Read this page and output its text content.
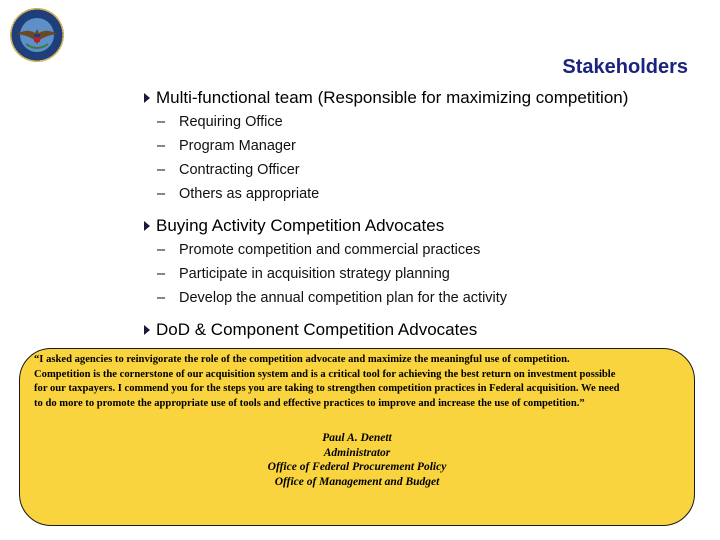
Stakeholders
Multi-functional team (Responsible for maximizing competition)
– Requiring Office
– Program Manager
– Contracting Officer
– Others as appropriate
Buying Activity Competition Advocates
– Promote competition and commercial practices
– Participate in acquisition strategy planning
– Develop the annual competition plan for the activity
DoD & Component Competition Advocates
“I asked agencies to reinvigorate the role of the competition advocate and maximize the meaningful use of competition.
Competition is the cornerstone of our acquisition system and is a critical tool for achieving the best return on investment possible
for our taxpayers. I commend you for the steps you are taking to strengthen competition practices in Federal acquisition. We need
to do more to promote the appropriate use of tools and effective practices to improve and increase the use of competition.”
Paul A. Denett
Administrator
Office of Federal Procurement Policy
Office of Management and Budget
